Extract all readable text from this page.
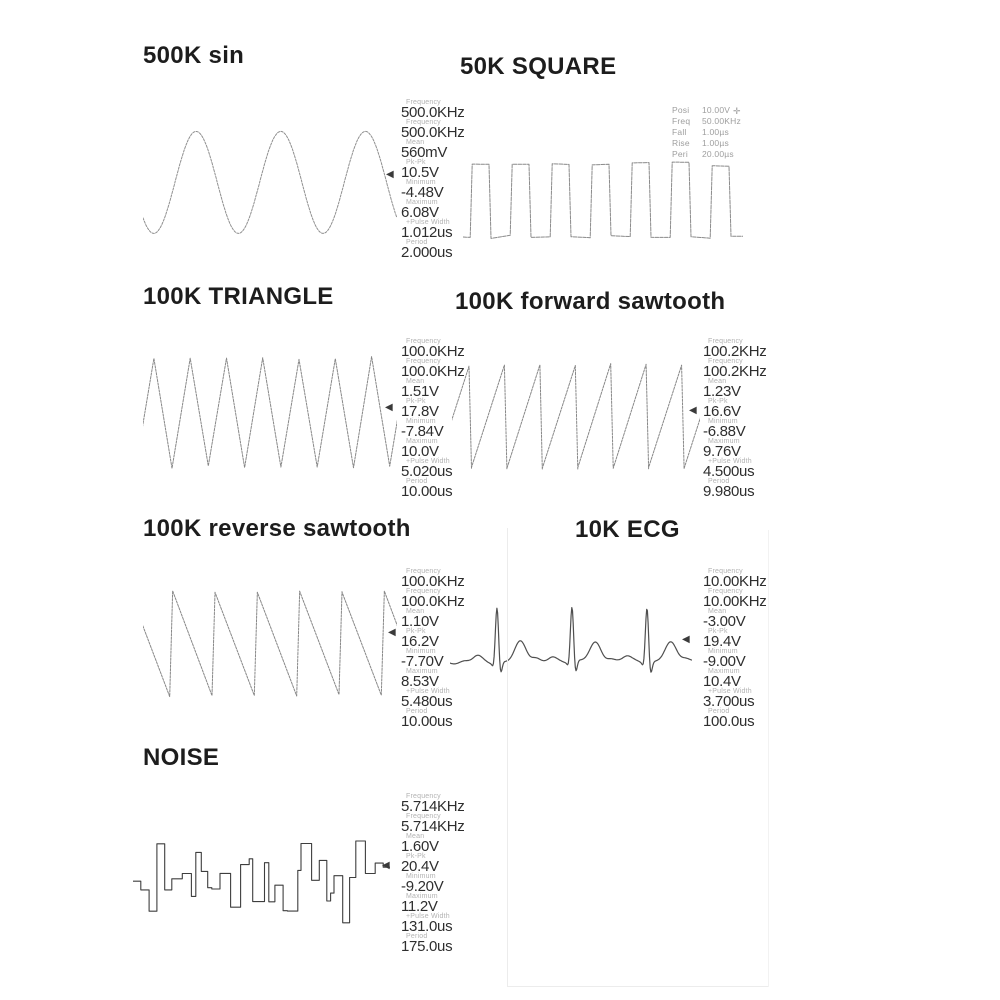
500K sin	50K SQUARE
100K TRIANGLE	100K forward sawtooth
100K reverse sawtooth	10K ECG
NOISE
Frequency
500.0KHz
Frequency
500.0KHz
Mean
560mV
Pk-Pk
10.5V
Minimum
-4.48V
Maximum
6.08V
+Pulse Width
1.012us
Period
2.000us
Posi	10.00V
Freq	50.00KHz
Fall	1.00µs
Rise	1.00µs
Peri	20.00µs
Frequency
100.0KHz
Frequency
100.0KHz
Mean
1.51V
Pk-Pk
17.8V
Minimum
-7.84V
Maximum
10.0V
+Pulse Width
5.020us
Period
10.00us
Frequency
100.2KHz
Frequency
100.2KHz
Mean
1.23V
Pk-Pk
16.6V
Minimum
-6.88V
Maximum
9.76V
+Pulse Width
4.500us
Period
9.980us
Frequency
100.0KHz
Frequency
100.0KHz
Mean
1.10V
Pk-Pk
16.2V
Minimum
-7.70V
Maximum
8.53V
+Pulse Width
5.480us
Period
10.00us
Frequency
10.00KHz
Frequency
10.00KHz
Mean
-3.00V
Pk-Pk
19.4V
Minimum
-9.00V
Maximum
10.4V
+Pulse Width
3.700us
Period
100.0us
Frequency
5.714KHz
Frequency
5.714KHz
Mean
1.60V
Pk-Pk
20.4V
Minimum
-9.20V
Maximum
11.2V
+Pulse Width
131.0us
Period
175.0us
◀
✛
◀	◀
◀
◀
◀
